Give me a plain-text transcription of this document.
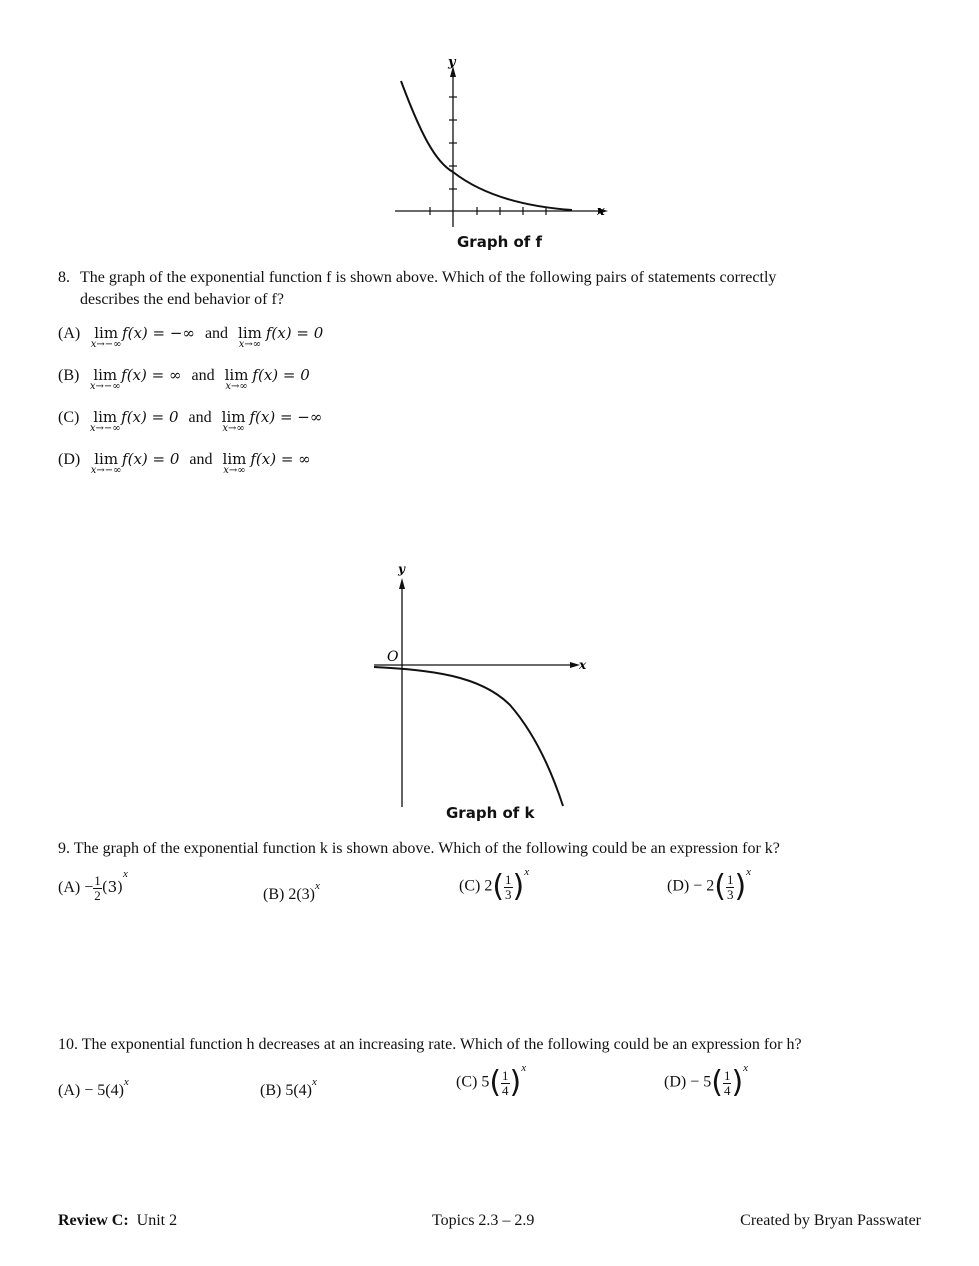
y
x
Graph of f
8. The graph of the exponential function f is shown above. Which of the following pairs of statements correctly
describes the end behavior of f?
(A) lim
x→−∞
f(x) = −∞ and lim
x→∞
f(x) = 0
(B) lim
x→−∞
f(x) = ∞ and lim
x→∞
f(x) = 0
(C) lim
x→−∞
f(x) = 0 and lim
x→∞
f(x) = −∞
(D) lim
x→−∞
f(x) = 0 and lim
x→∞
f(x) = ∞
y
x
O
Graph of k
9. The graph of the exponential function k is shown above. Which of the following could be an expression for k?
$(A) - \frac{1}{2} (3)^x$
(B) $2(3)^x$	(C) $2( \frac{1}{3} )^x$
$(D) - 2( \frac{1}{3} )^x$
10. The exponential function h decreases at an increasing rate. Which of the following could be an expression for h?
$(A) - 5(4)^x$	(B) $5(4)^x$	(C) $5( \frac{1}{4} )^x$
$(D) - 5( \frac{1}{4} )^x$
Review C: Unit 2	Topics 2.3 – 2.9	Created by Bryan Passwater
